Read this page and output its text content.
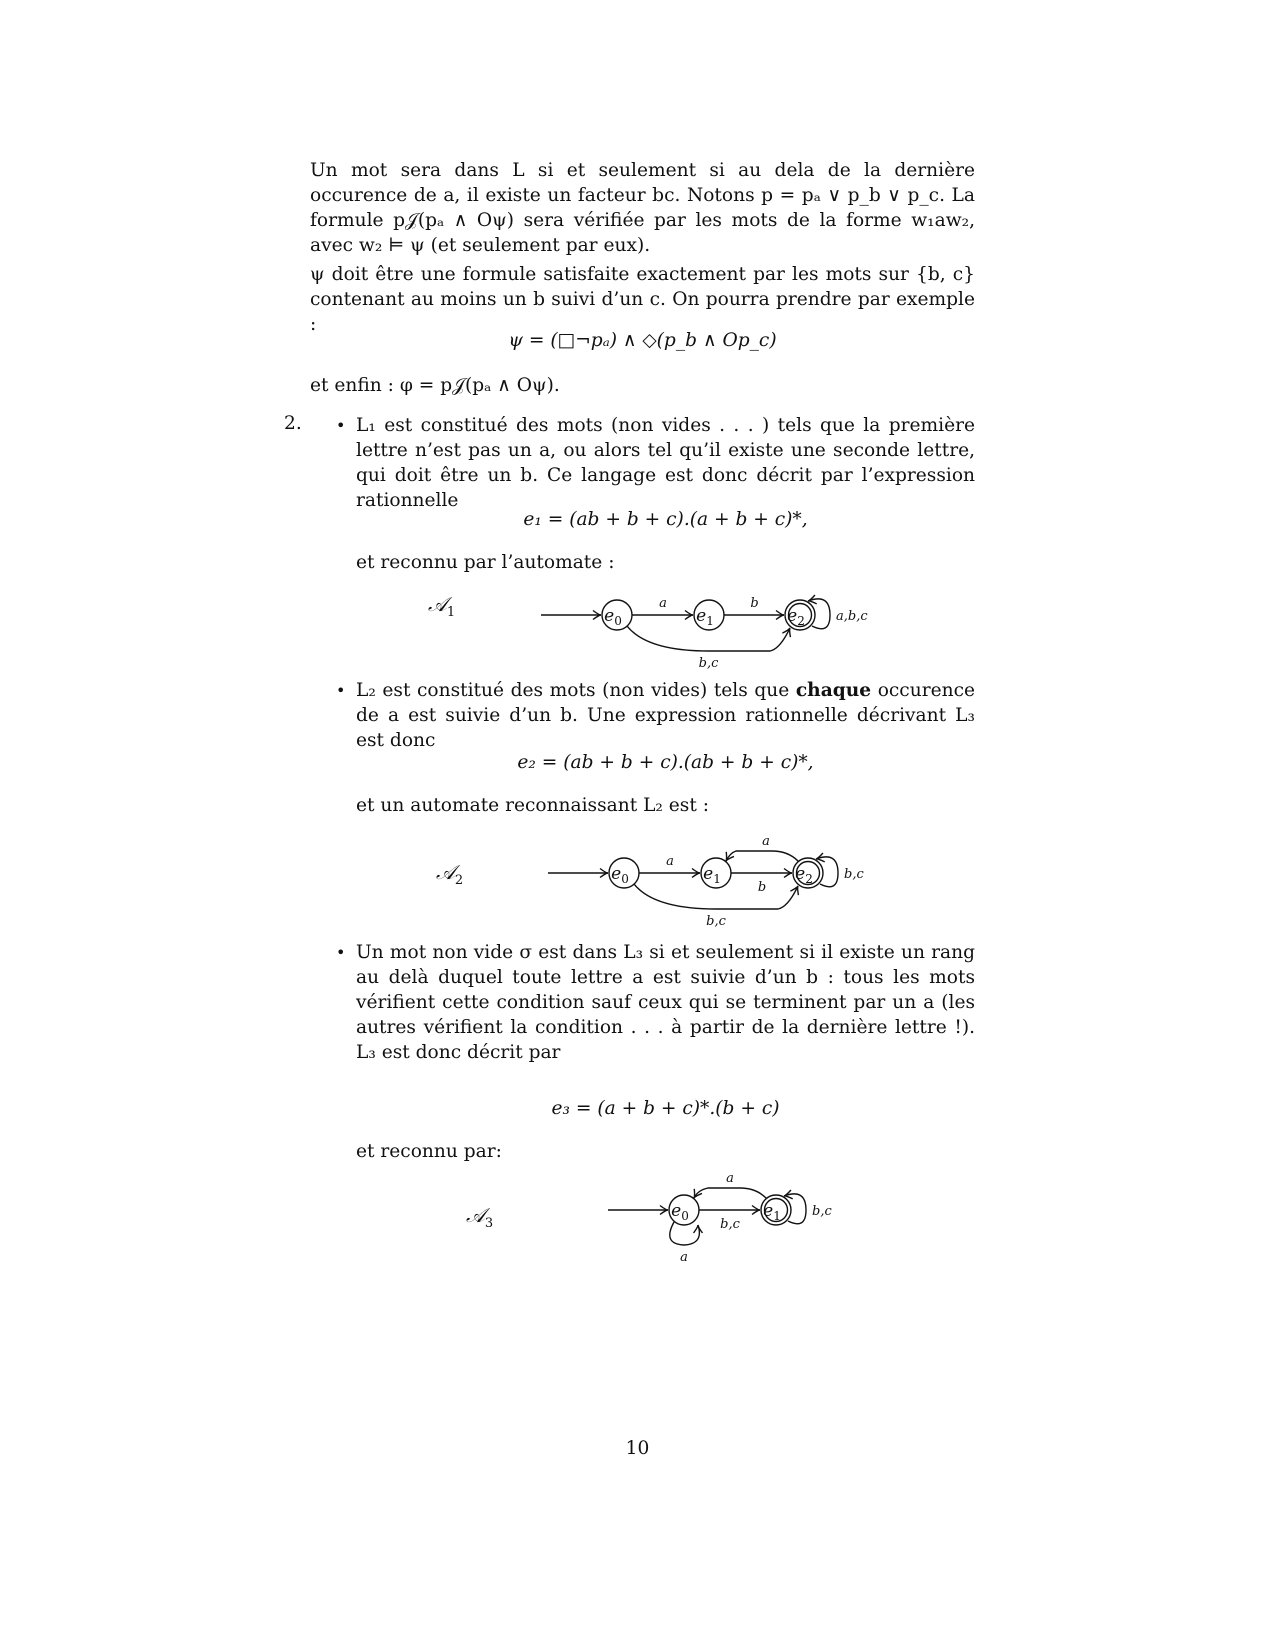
Un mot sera dans L si et seulement si au dela de la dernière occurence de a, il existe un facteur bc. Notons p = pₐ ∨ p_b ∨ p_c. La formule p𝒥(pₐ ∧ Oψ) sera vérifiée par les mots de la forme w₁aw₂, avec w₂ ⊨ ψ (et seulement par eux).

ψ doit être une formule satisfaite exactement par les mots sur {b, c} contenant au moins un b suivi d’un c. On pourra prendre par exemple :

ψ = (□¬pₐ) ∧ ◇(p_b ∧ Op_c)

et enfin : φ = p𝒥(pₐ ∧ Oψ).

2. • L₁ est constitué des mots (non vides . . . ) tels que la première lettre n’est pas un a, ou alors tel qu’il existe une seconde lettre, qui doit être un b. Ce langage est donc décrit par l’expression rationnelle

e₁ = (ab + b + c).(a + b + c)*,

et reconnu par l’automate :

𝒜$_1$
a	b
b,c
a,b,c
$e_0$	$e_1$	$e_2$
a
b
a
b,c
b,c
$e_0$	$e_1$	$e_2$
b,c
a
a
b,c
$e_0$	$e_1$
• L₂ est constitué des mots (non vides) tels que chaque occurence de a est suivie d’un b. Une expression rationnelle décrivant L₃ est donc

e₂ = (ab + b + c).(ab + b + c)*,

et un automate reconnaissant L₂ est :

𝒜$_2$
• Un mot non vide σ est dans L₃ si et seulement si il existe un rang au delà duquel toute lettre a est suivie d’un b : tous les mots vérifient cette condition sauf ceux qui se terminent par un a (les autres vérifient la condition . . . à partir de la dernière lettre !). L₃ est donc décrit par

e₃ = (a + b + c)*.(b + c)

et reconnu par:

𝒜$_3$
10
